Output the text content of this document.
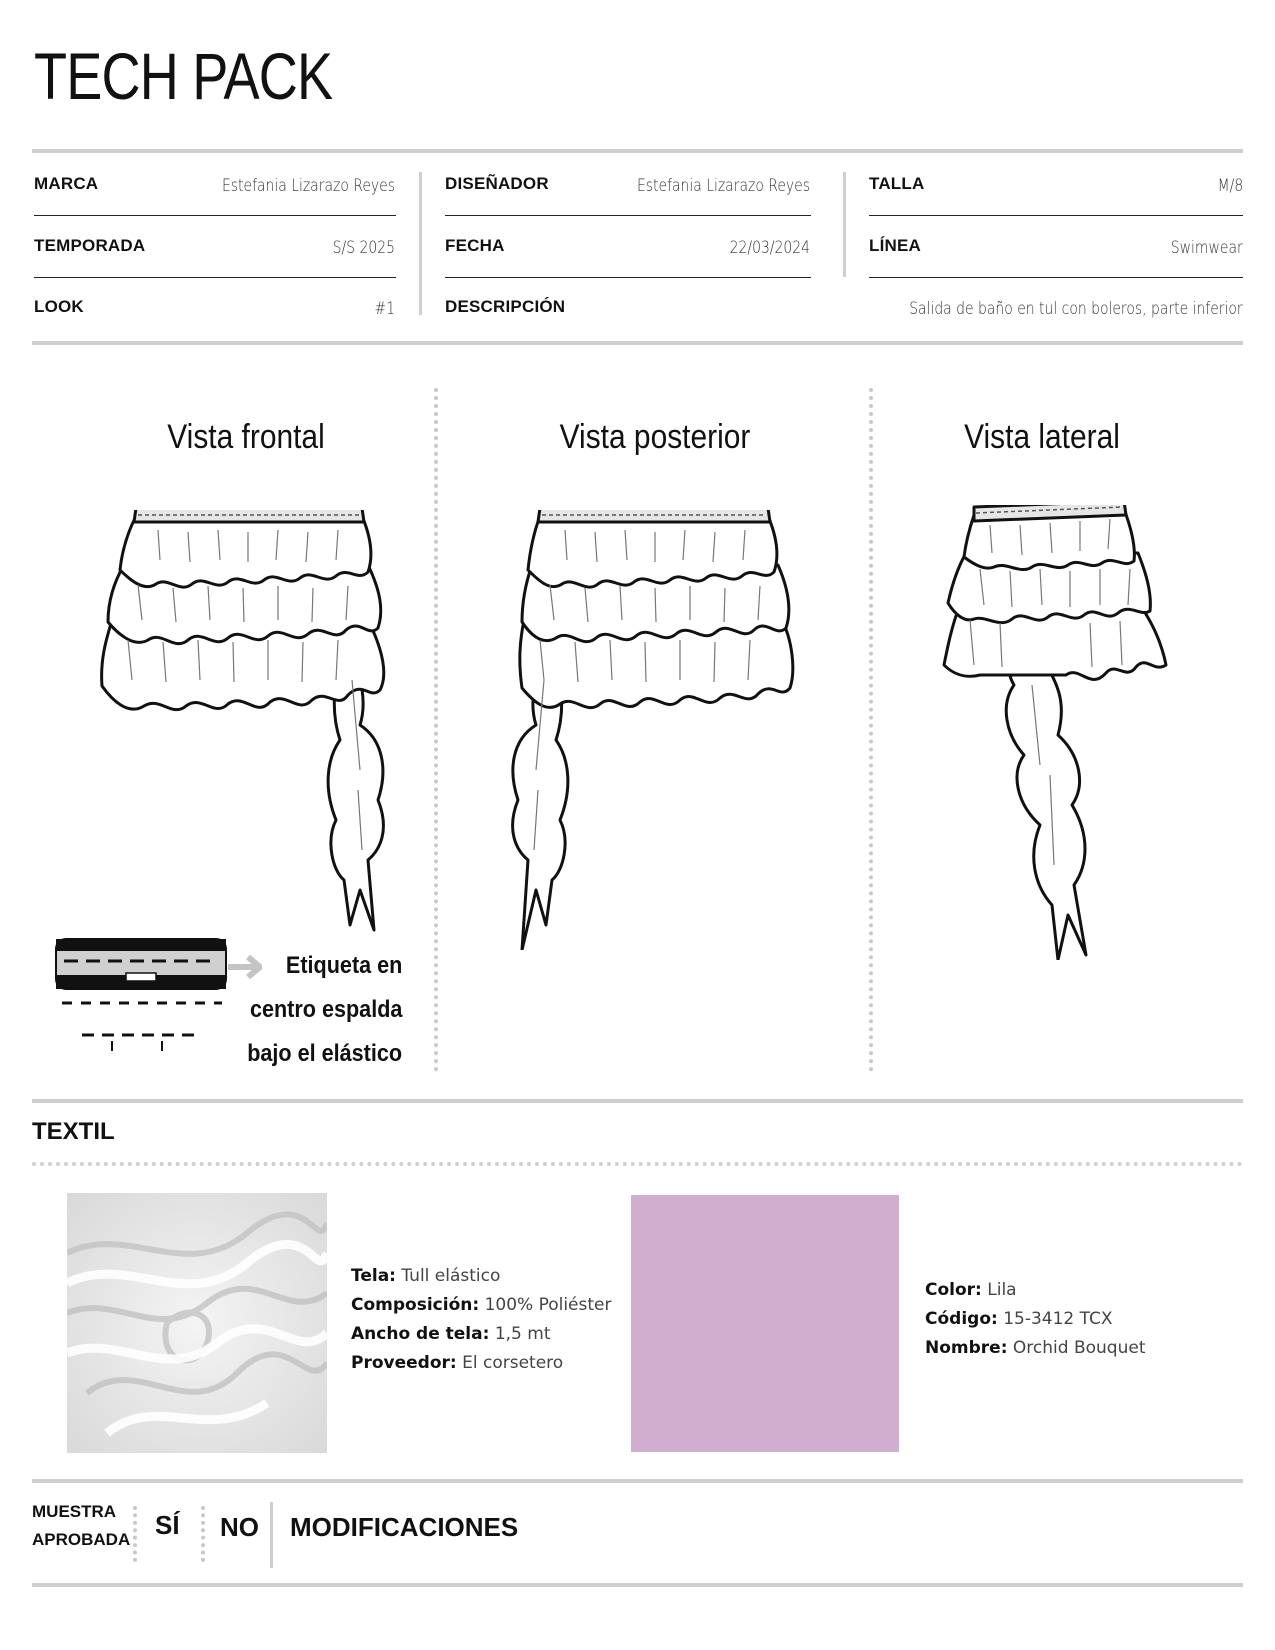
TECH PACK
MARCA	Estefania Lizarazo Reyes
TEMPORADA	S/S 2025
LOOK	#1
DISEÑADOR	Estefania Lizarazo Reyes
FECHA	22/03/2024
DESCRIPCIÓN	Salida de baño en tul con boleros, parte inferior
TALLA	M/8
LÍNEA	Swimwear
Vista frontal	Vista posterior	Vista lateral
Etiqueta en
centro espalda
bajo el elástico
TEXTIL
Tela: Tull elástico
Composición: 100% Poliéster
Ancho de tela: 1,5 mt
Proveedor: El corsetero
Color: Lila
Código: 15-3412 TCX
Nombre: Orchid Bouquet
MUESTRA
APROBADA SÍ NO MODIFICACIONES
